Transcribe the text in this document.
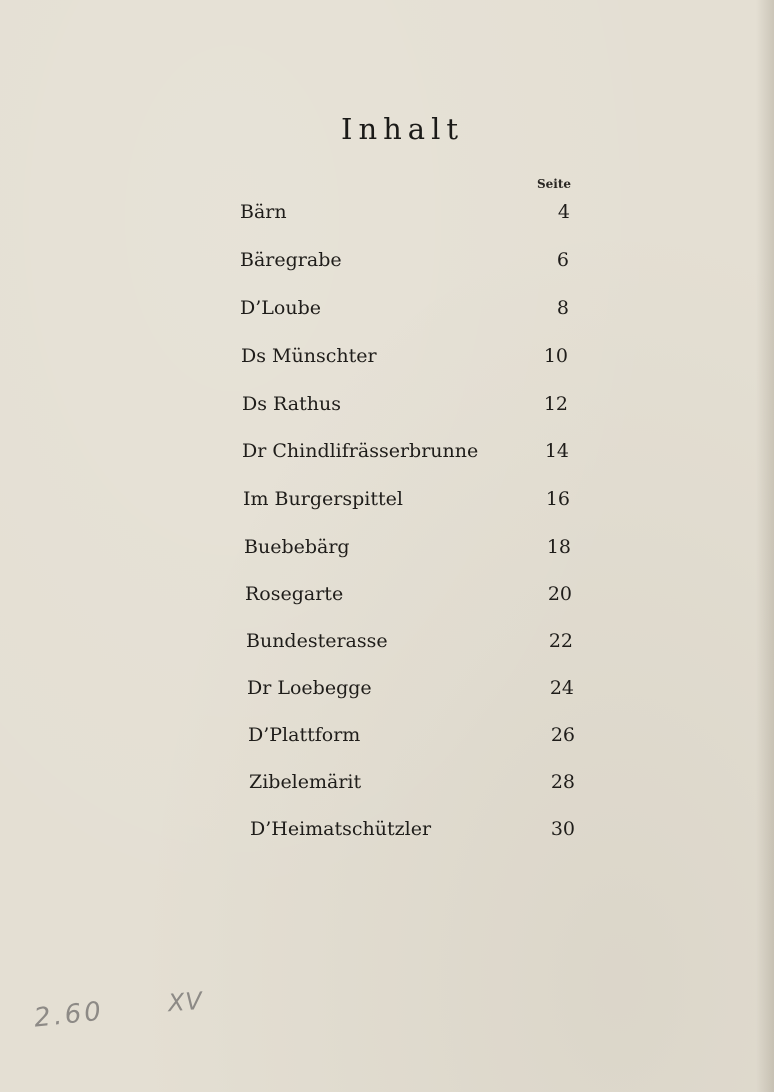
Inhalt
Seite
Bärn	4
Bäregrabe	6
D’Loube	8
Ds Münschter	10
Ds Rathus	12
Dr Chindlifrässerbrunne	14
Im Burgerspittel	16
Buebebärg	18
Rosegarte	20
Bundesterasse	22
Dr Loebegge	24
D’Plattform	26
Zibelemärit	28
D’Heimatschützler	30
2.60	XV
